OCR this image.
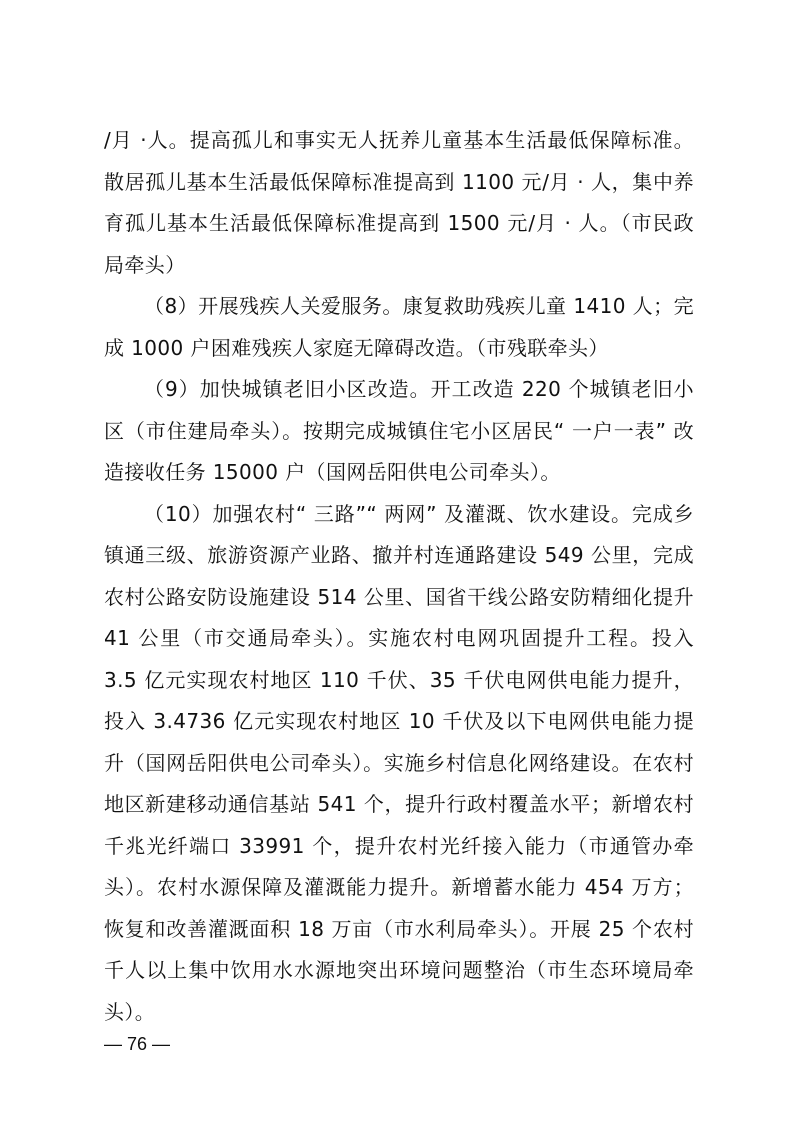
/月 ·人。提高孤儿和事实无人抚养儿童基本生活最低保障标准。散居孤儿基本生活最低保障标准提高到 1100 元/月 · 人，集中养育孤儿基本生活最低保障标准提高到 1500 元/月 · 人。（市民政局牵头）

（8）开展残疾人关爱服务。康复救助残疾儿童 1410 人；完成 1000 户困难残疾人家庭无障碍改造。（市残联牵头）

（9）加快城镇老旧小区改造。开工改造 220 个城镇老旧小区（市住建局牵头）。按期完成城镇住宅小区居民“ 一户一表” 改造接收任务 15000 户（国网岳阳供电公司牵头）。

（10）加强农村“ 三路”“ 两网” 及灌溉、饮水建设。完成乡镇通三级、旅游资源产业路、撤并村连通路建设 549 公里，完成农村公路安防设施建设 514 公里、国省干线公路安防精细化提升 41 公里（市交通局牵头）。实施农村电网巩固提升工程。投入 3.5 亿元实现农村地区 110 千伏、35 千伏电网供电能力提升，投入 3.4736 亿元实现农村地区 10 千伏及以下电网供电能力提升（国网岳阳供电公司牵头）。实施乡村信息化网络建设。在农村地区新建移动通信基站 541 个，提升行政村覆盖水平；新增农村千兆光纤端口 33991 个，提升农村光纤接入能力（市通管办牵头）。农村水源保障及灌溉能力提升。新增蓄水能力 454 万方；恢复和改善灌溉面积 18 万亩（市水利局牵头）。开展 25 个农村千人以上集中饮用水水源地突出环境问题整治（市生态环境局牵头）。

— 76 —
